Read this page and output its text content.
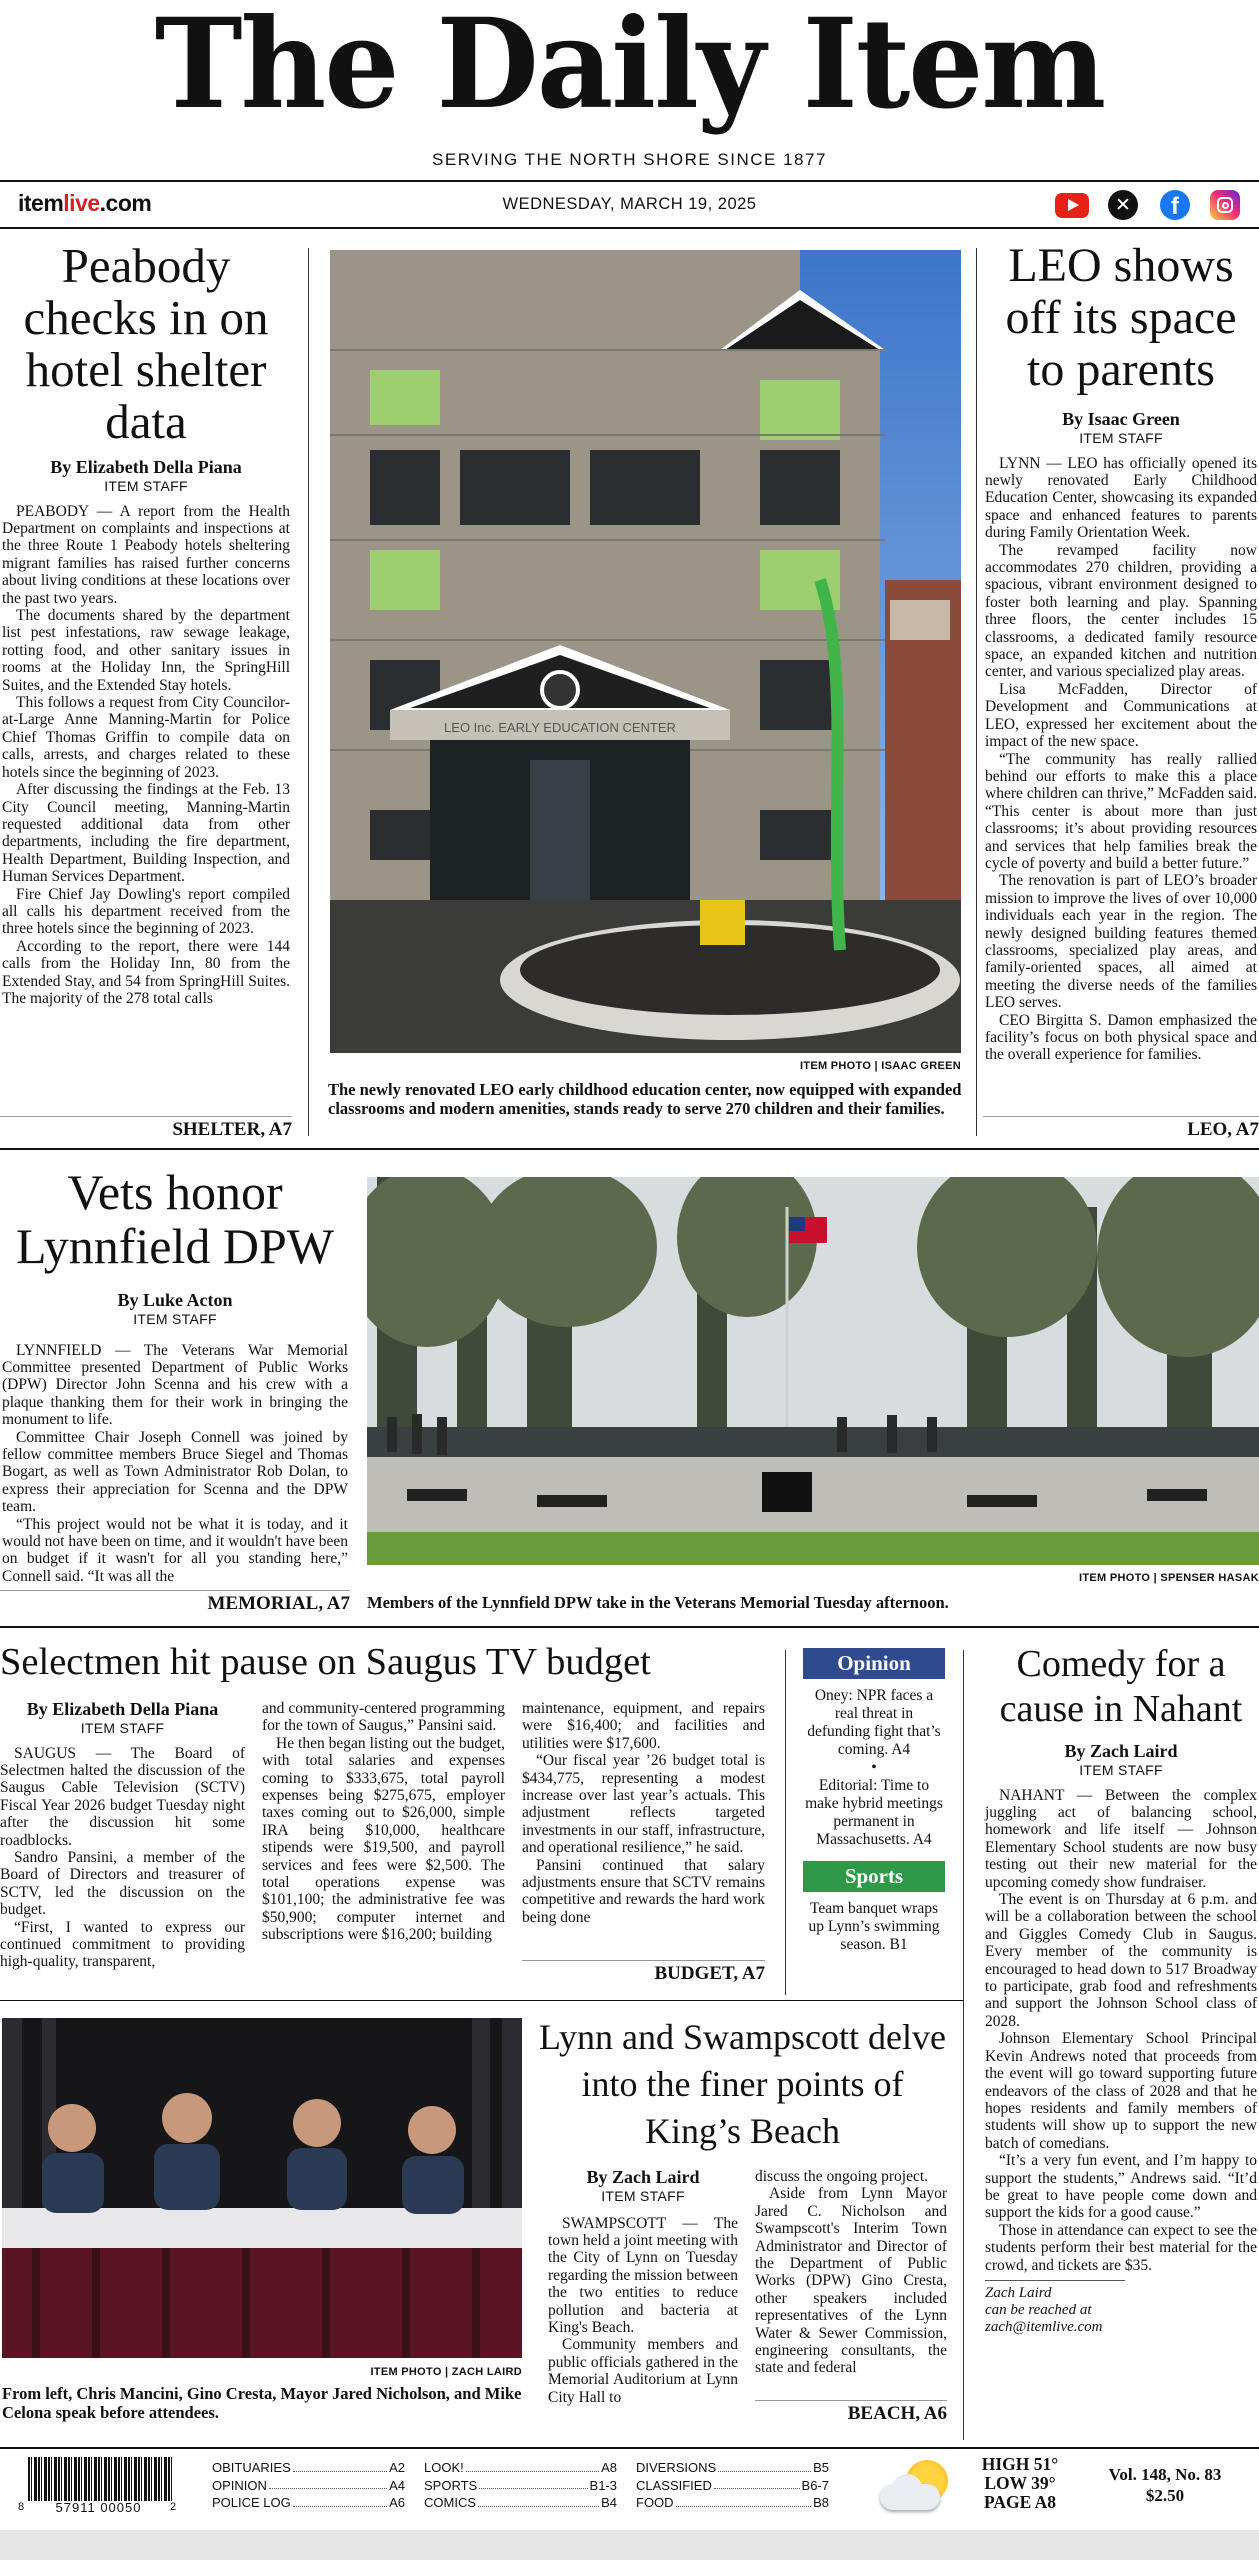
The Daily Item
SERVING THE NORTH SHORE SINCE 1877
itemlive.com	WEDNESDAY, MARCH 19, 2025	✕	f
Peabody checks in on hotel shelter data
By Elizabeth Della Piana
ITEM STAFF

PEABODY — A report from the Health Department on complaints and inspections at the three Route 1 Peabody hotels sheltering migrant families has raised further concerns about living conditions at these locations over the past two years.

The documents shared by the department list pest infestations, raw sewage leakage, rotting food, and other sanitary issues in rooms at the Holiday Inn, the SpringHill Suites, and the Extended Stay hotels.

This follows a request from City Councilor-at-Large Anne Manning-Martin for Police Chief Thomas Griffin to compile data on calls, arrests, and charges related to these hotels since the beginning of 2023.

After discussing the findings at the Feb. 13 City Council meeting, Manning-Martin requested additional data from other departments, including the fire department, Health Department, Building Inspection, and Human Services Department.

Fire Chief Jay Dowling's report compiled all calls his department received from the three hotels since the beginning of 2023.

According to the report, there were 144 calls from the Holiday Inn, 80 from the Extended Stay, and 54 from SpringHill Suites. The majority of the 278 total calls

SHELTER, A7
LEO Inc. EARLY EDUCATION CENTER
ITEM PHOTO | ISAAC GREEN
The newly renovated LEO early childhood education center, now equipped with expanded classrooms and modern amenities, stands ready to serve 270 children and their families.
LEO shows off its space to parents
By Isaac Green
ITEM STAFF

LYNN — LEO has officially opened its newly renovated Early Childhood Education Center, showcasing its expanded space and enhanced features to parents during Family Orientation Week.

The revamped facility now accommodates 270 children, providing a spacious, vibrant environment designed to foster both learning and play. Spanning three floors, the center includes 15 classrooms, a dedicated family resource space, an expanded kitchen and nutrition center, and various specialized play areas.

Lisa McFadden, Director of Development and Communications at LEO, expressed her excitement about the impact of the new space.

“The community has really rallied behind our efforts to make this a place where children can thrive,” McFadden said. “This center is about more than just classrooms; it’s about providing resources and services that help families break the cycle of poverty and build a better future.”

The renovation is part of LEO’s broader mission to improve the lives of over 10,000 individuals each year in the region. The newly designed building features themed classrooms, specialized play areas, and family-oriented spaces, all aimed at meeting the diverse needs of the families LEO serves.

CEO Birgitta S. Damon emphasized the facility’s focus on both physical space and the overall experience for families.

LEO, A7
Vets honor Lynnfield DPW
By Luke Acton
ITEM STAFF

LYNNFIELD — The Veterans War Memorial Committee presented Department of Public Works (DPW) Director John Scenna and his crew with a plaque thanking them for their work in bringing the monument to life.

Committee Chair Joseph Connell was joined by fellow committee members Bruce Siegel and Thomas Bogart, as well as Town Administrator Rob Dolan, to express their appreciation for Scenna and the DPW team.

“This project would not be what it is today, and it would not have been on time, and it wouldn't have been on budget if it wasn't for all you standing here,” Connell said. “It was all the

MEMORIAL, A7
ITEM PHOTO | SPENSER HASAK
Members of the Lynnfield DPW take in the Veterans Memorial Tuesday afternoon.
Selectmen hit pause on Saugus TV budget
By Elizabeth Della Piana
ITEM STAFF

SAUGUS — The Board of Selectmen halted the discussion of the Saugus Cable Television (SCTV) Fiscal Year 2026 budget Tuesday night after the discussion hit some roadblocks.

Sandro Pansini, a member of the Board of Directors and treasurer of SCTV, led the discussion on the budget.

“First, I wanted to express our continued commitment to providing high-quality, transparent,

and community-centered programming for the town of Saugus,” Pansini said.

He then began listing out the budget, with total salaries and expenses coming to $333,675, total payroll expenses being $275,675, employer taxes coming out to $26,000, simple IRA being $10,000, healthcare stipends were $19,500, and payroll services and fees were $2,500. The total operations expense was $101,100; the administrative fee was $50,900; computer internet and subscriptions were $16,200; building

maintenance, equipment, and repairs were $16,400; and facilities and utilities were $17,600.

“Our fiscal year ’26 budget total is $434,775, representing a modest increase over last year’s actuals. This adjustment reflects targeted investments in our staff, infrastructure, and operational resilience,” he said.

Pansini continued that salary adjustments ensure that SCTV remains competitive and rewards the hard work being done

BUDGET, A7
Opinion
Oney: NPR faces a real threat in defunding fight that’s coming. A4
•
Editorial: Time to make hybrid meetings permanent in Massachusetts. A4
Sports
Team banquet wraps up Lynn’s swimming season. B1
Comedy for a cause in Nahant
By Zach Laird
ITEM STAFF

NAHANT — Between the complex juggling act of balancing school, homework and life itself — Johnson Elementary School students are now busy testing out their new material for the upcoming comedy show fundraiser.

The event is on Thursday at 6 p.m. and will be a collaboration between the school and Giggles Comedy Club in Saugus. Every member of the community is encouraged to head down to 517 Broadway to participate, grab food and refreshments and support the Johnson School class of 2028.

Johnson Elementary School Principal Kevin Andrews noted that proceeds from the event will go toward supporting future endeavors of the class of 2028 and that he hopes residents and family members of students will show up to support the new batch of comedians.

“It’s a very fun event, and I’m happy to support the students,” Andrews said. “It’d be great to have people come down and support the kids for a good cause.”

Those in attendance can expect to see the students perform their best material for the crowd, and tickets are $35.

Zach Laird
can be reached at
zach@itemlive.com
ITEM PHOTO | ZACH LAIRD
From left, Chris Mancini, Gino Cresta, Mayor Jared Nicholson, and Mike Celona speak before attendees.
Lynn and Swampscott delve into the finer points of King’s Beach
By Zach Laird
ITEM STAFF

SWAMPSCOTT — The town held a joint meeting with the City of Lynn on Tuesday regarding the mission between the two entities to reduce pollution and bacteria at King's Beach.

Community members and public officials gathered in the Memorial Auditorium at Lynn City Hall to

discuss the ongoing project.

Aside from Lynn Mayor Jared C. Nicholson and Swampscott's Interim Town Administrator and Director of the Department of Public Works (DPW) Gino Cresta, other speakers included representatives of the Lynn Water & Sewer Commission, engineering consultants, the state and federal

BEACH, A6
8	57911 00050	2
OBITUARIES	A2
OPINION	A4
POLICE LOG	A6
LOOK!	A8
SPORTS	B1-3
COMICS	B4
DIVERSIONS	B5
CLASSIFIED	B6-7
FOOD	B8
HIGH 51°
LOW 39°
PAGE A8
Vol. 148, No. 83
$2.50
